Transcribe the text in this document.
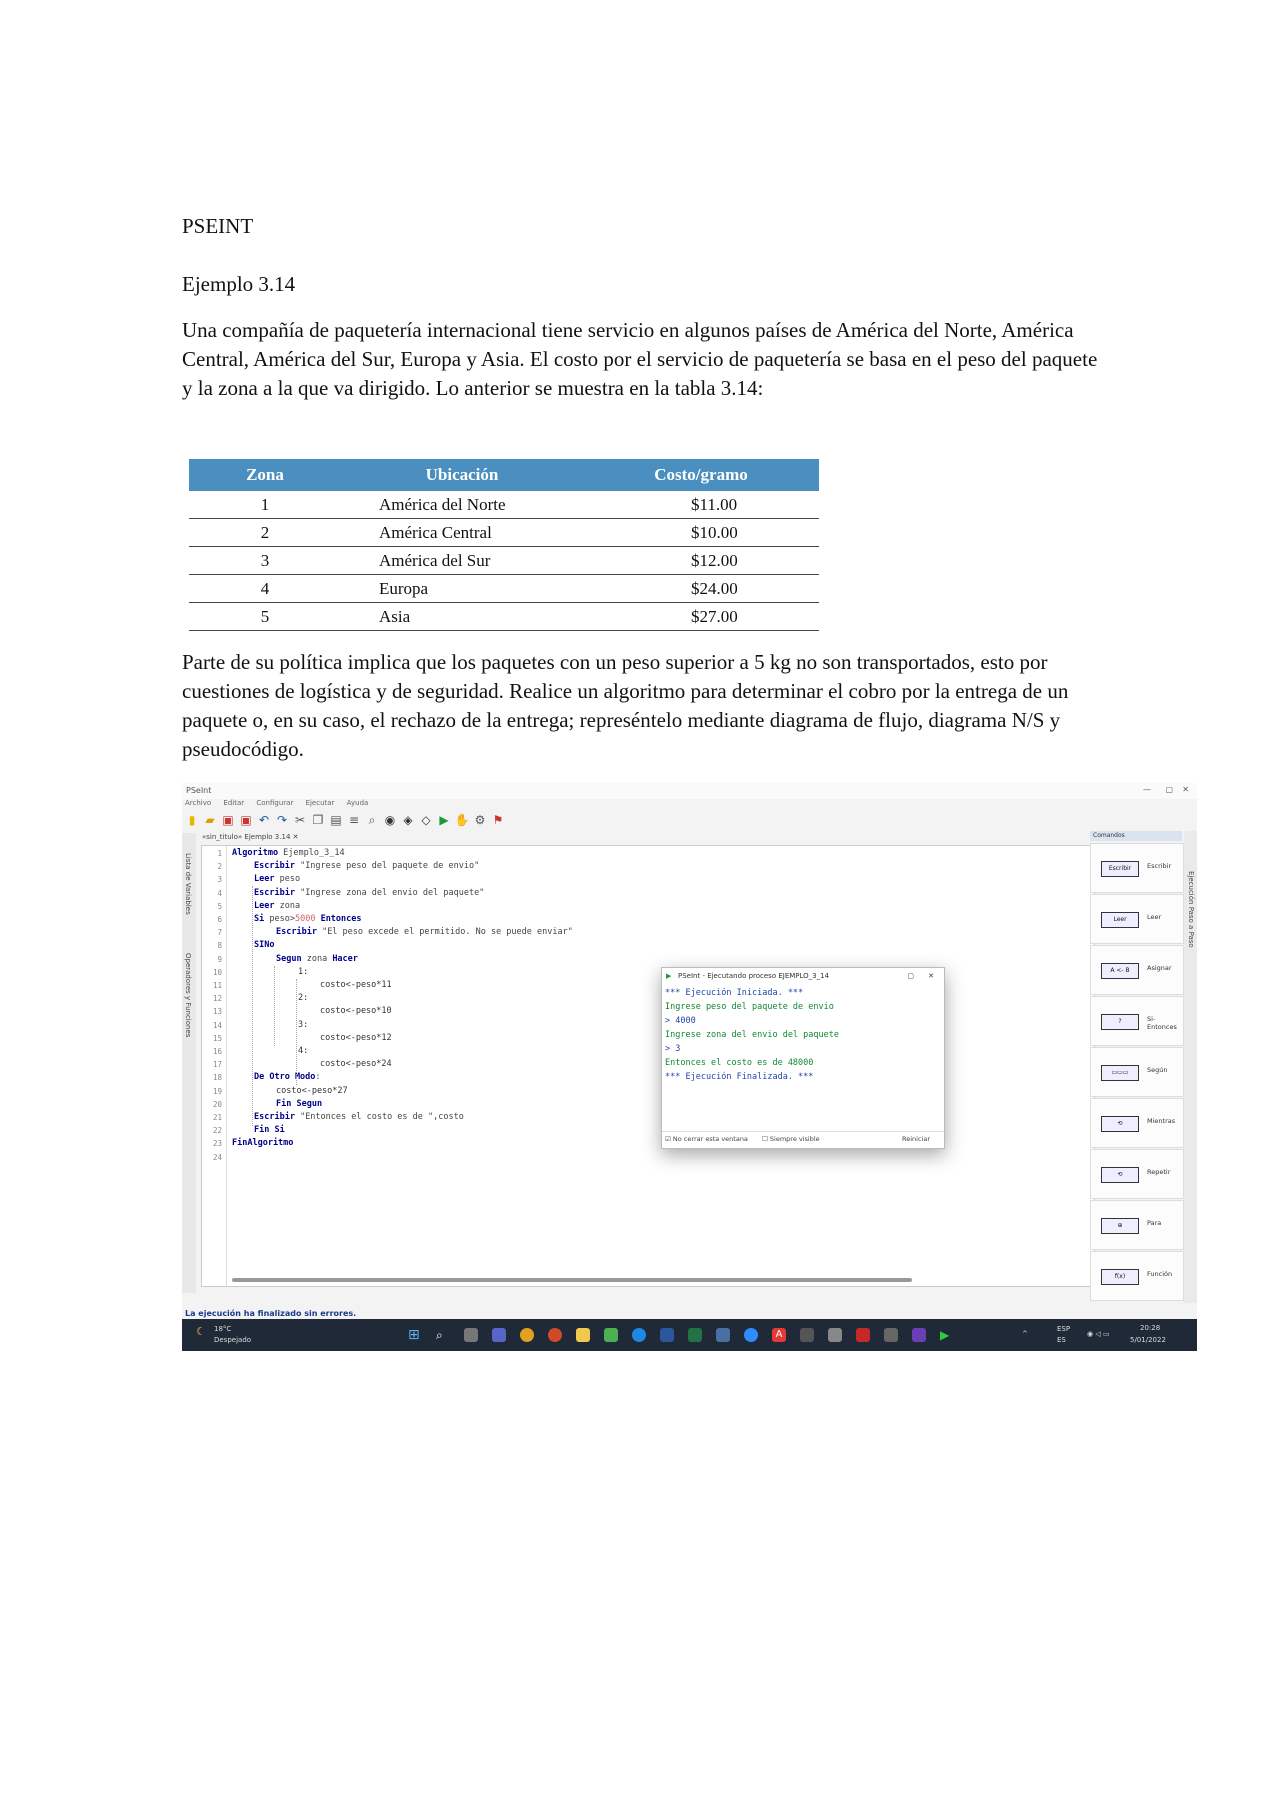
PSEINT

Ejemplo 3.14

Una compañía de paquetería internacional tiene servicio en algunos países de América del Norte, América Central, América del Sur, Europa y Asia. El costo por el servicio de paquetería se basa en el peso del paquete y la zona a la que va dirigido. Lo anterior se muestra en la tabla 3.14:

Zona	Ubicación	Costo/gramo
1	América del Norte	$11.00
2	América Central	$10.00
3	América del Sur	$12.00
4	Europa	$24.00
5	Asia	$27.00

Parte de su política implica que los paquetes con un peso superior a 5 kg no son transportados, esto por cuestiones de logística y de seguridad. Realice un algoritmo para determinar el cobro por la entrega de un paquete o, en su caso, el rechazo de la entrega; represéntelo mediante diagrama de flujo, diagrama N/S y pseudocódigo.

PSeInt	— ▢ ✕
Archivo Editar Configurar Ejecutar Ayuda
▮ ▰ ▣ ▣ ↶ ↷ ✂ ❐ ▤ ≡ ⌕ ◉ ◈ ◇ ▶ ✋ ⚙ ⚑
Lista de Variables
Operadores y Funciones
«sin_titulo» Ejemplo 3.14 ✕
1
2
3
4
5
6
7
8
9
10
11
12
13
14
15
16
17
18
19
20
21
22
23
24
Algoritmo Ejemplo_3_14
Escribir "Ingrese peso del paquete de envio"
Leer peso
Escribir "Ingrese zona del envio del paquete"
Leer zona
Si peso>5000 Entonces
Escribir "El peso excede el permitido. No se puede enviar"
SINo
Segun zona Hacer
1:
costo<-peso*11
2:
costo<-peso*10
3:
costo<-peso*12
4:
costo<-peso*24
De Otro Modo:
costo<-peso*27
Fin Segun
Escribir "Entonces el costo es de ",costo
Fin Si
FinAlgoritmo
La ejecución ha finalizado sin errores.
▶ PSeInt - Ejecutando proceso EJEMPLO_3_14	▢ ✕
*** Ejecución Iniciada. ***
Ingrese peso del paquete de envio
> 4000
Ingrese zona del envio del paquete
> 3
Entonces el costo es de 48000
*** Ejecución Finalizada. ***
☑ No cerrar esta ventana ☐ Siempre visible	Reiniciar
Comandos
Escribir	Escribir
Leer	Leer
A <- B	Asignar
?	Si-Entonces
▭▭▭	Según
⟲	Mientras
⟲	Repetir
⊕	Para
f(x)	Función
Ejecución Paso a Paso
☾ 18°C
Despejado	⊞ ⌕	A	▶	^
ESP
ES
◉ ◁ ▭
20:28
5/01/2022
